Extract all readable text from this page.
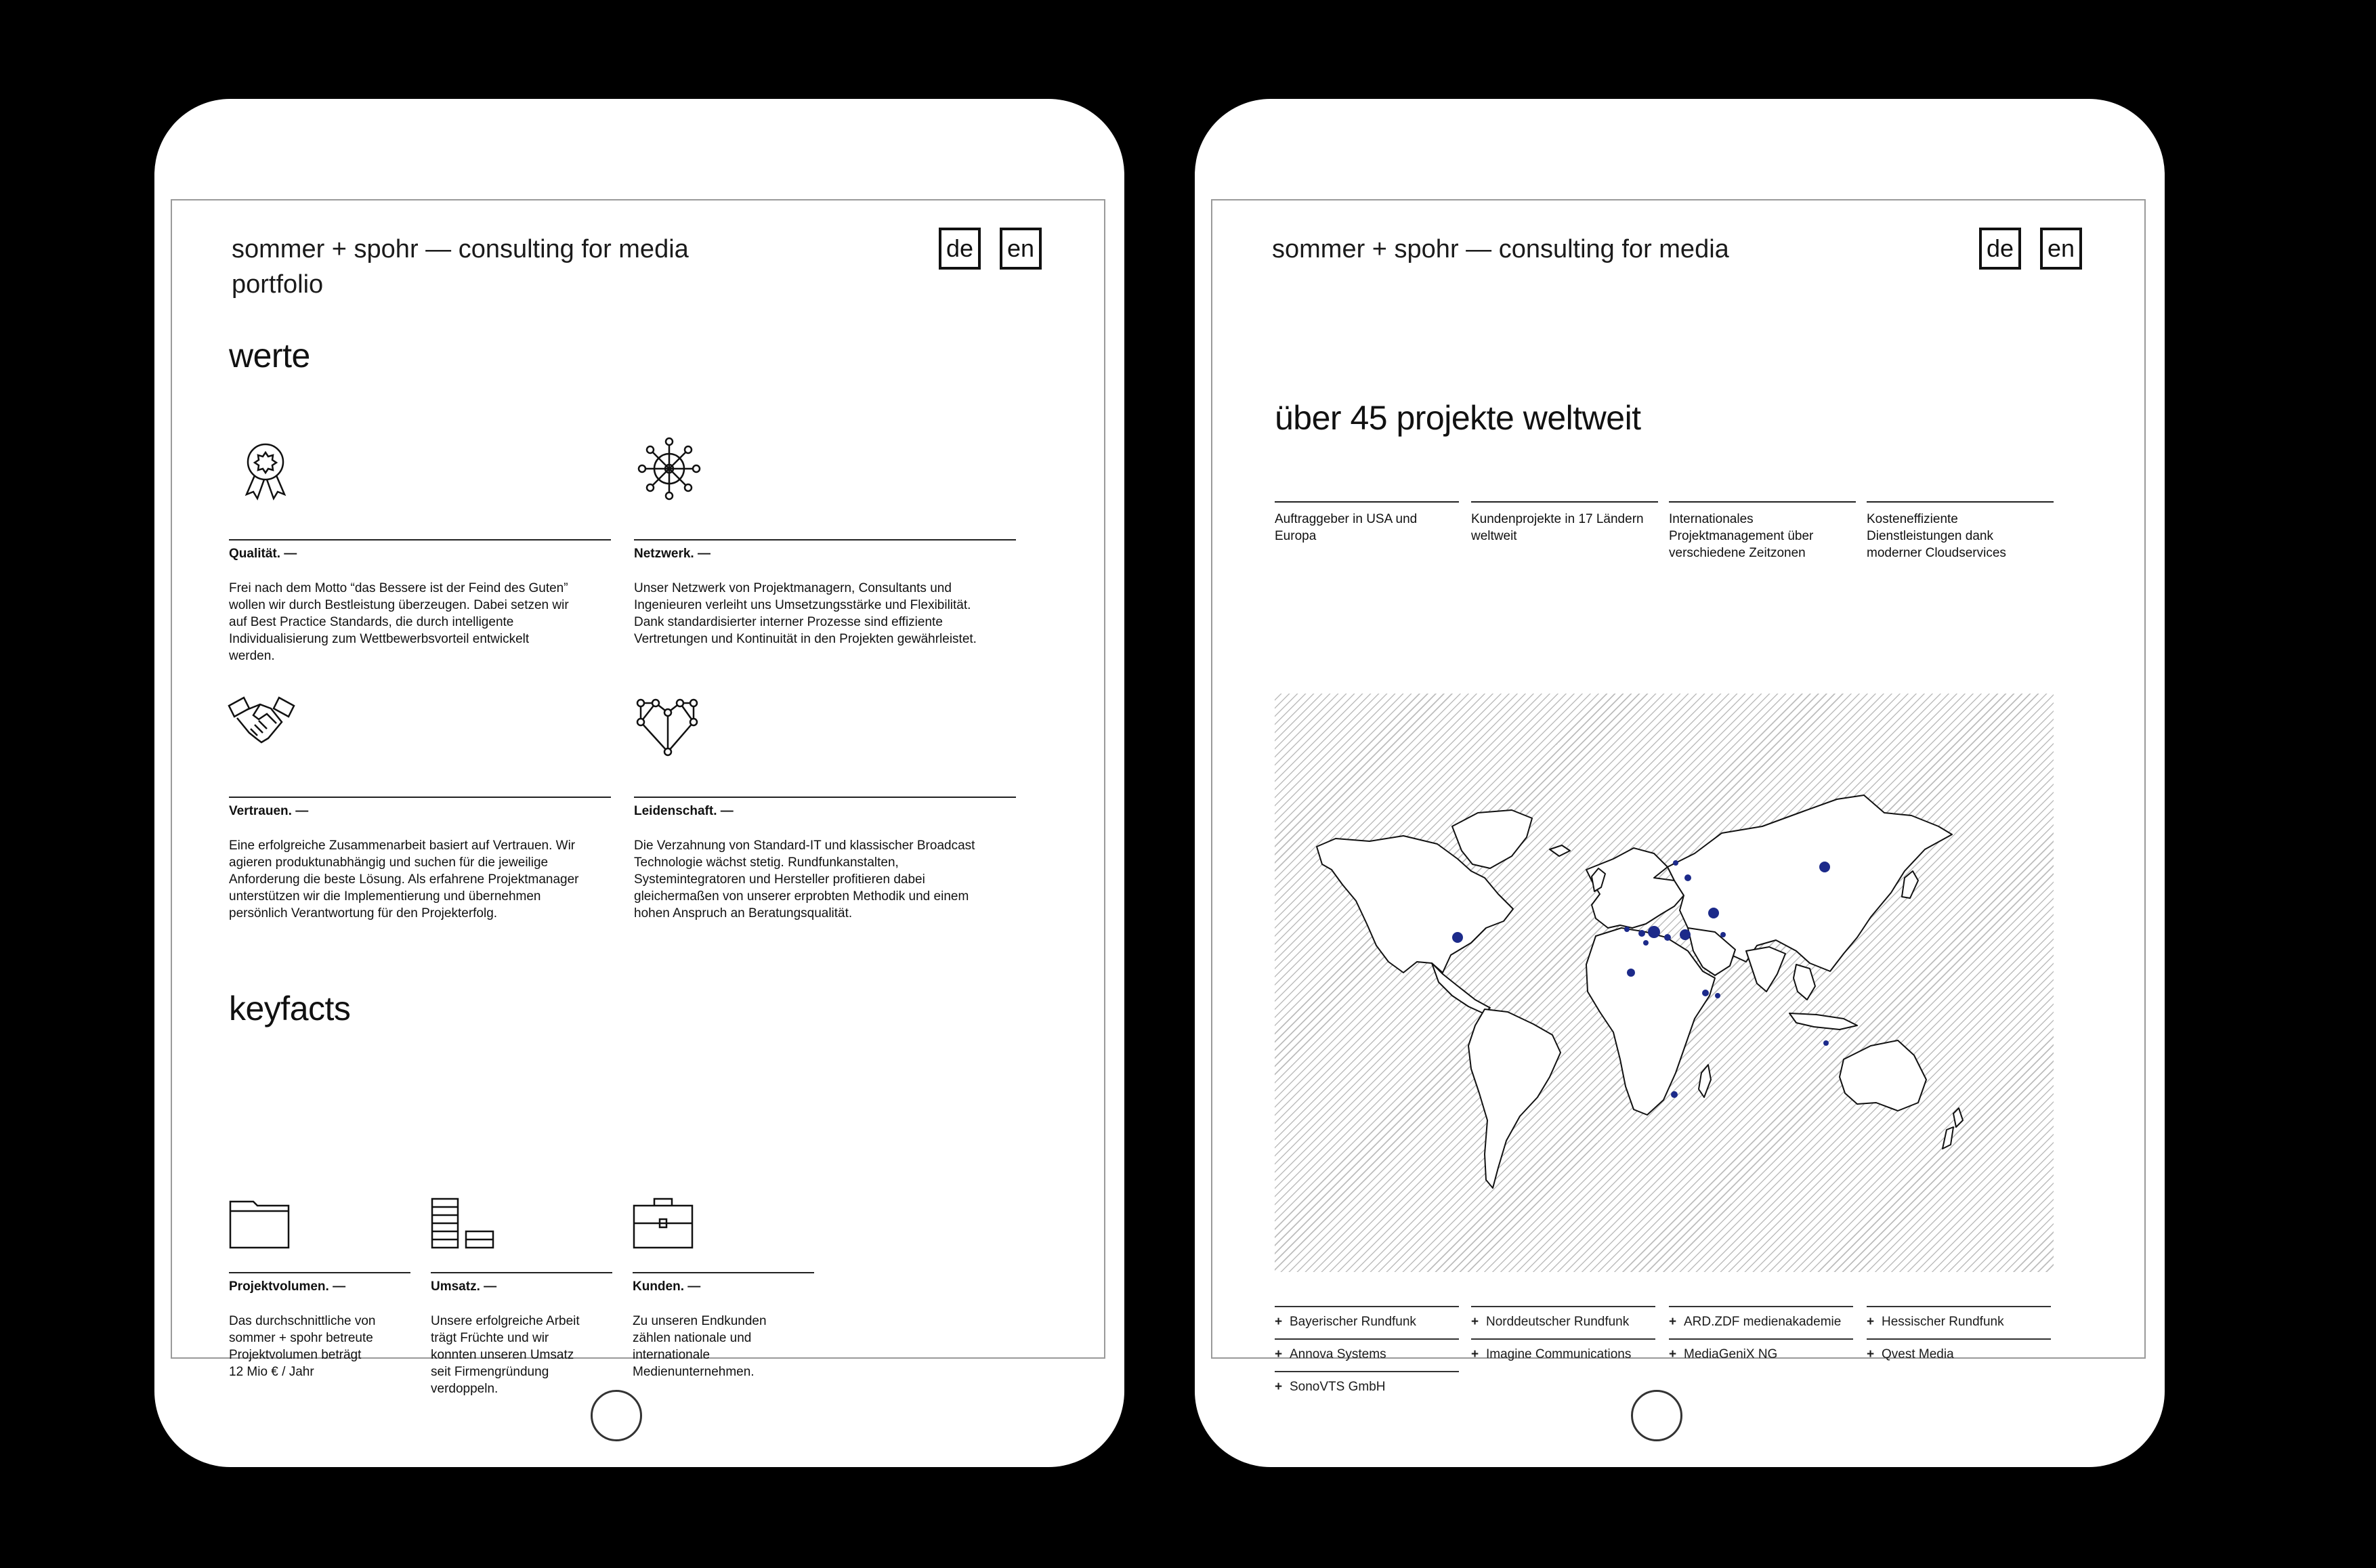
sommer + spohr — consulting for media
portfolio
de	en
werte
Qualität. —
Frei nach dem Motto “das Bessere ist der Feind des Guten”
wollen wir durch Bestleistung überzeugen. Dabei setzen wir
auf Best Practice Standards, die durch intelligente
Individualisierung zum Wettbewerbsvorteil entwickelt
werden.
Netzwerk. —
Unser Netzwerk von Projektmanagern, Consultants und
Ingenieuren verleiht uns Umsetzungsstärke und Flexibilität.
Dank standardisierter interner Prozesse sind effiziente
Vertretungen und Kontinuität in den Projekten gewährleistet.
Vertrauen. —
Eine erfolgreiche Zusammenarbeit basiert auf Vertrauen. Wir
agieren produktunabhängig und suchen für die jeweilige
Anforderung die beste Lösung. Als erfahrene Projektmanager
unterstützen wir die Implementierung und übernehmen
persönlich Verantwortung für den Projekterfolg.
Leidenschaft. —
Die Verzahnung von Standard-IT und klassischer Broadcast
Technologie wächst stetig. Rundfunkanstalten,
Systemintegratoren und Hersteller profitieren dabei
gleichermaßen von unserer erprobten Methodik und einem
hohen Anspruch an Beratungsqualität.
keyfacts
Projektvolumen. —
Das durchschnittliche von
sommer + spohr betreute
Projektvolumen beträgt
12 Mio € / Jahr
Umsatz. —
Unsere erfolgreiche Arbeit
trägt Früchte und wir
konnten unseren Umsatz
seit Firmengründung
verdoppeln.
Kunden. —
Zu unseren Endkunden
zählen nationale und
internationale
Medienunternehmen.
sommer + spohr — consulting for media	de	en
über 45 projekte weltweit
Auftraggeber in USA und
Europa
Kundenprojekte in 17 Ländern
weltweit
Internationales
Projektmanagement über
verschiedene Zeitzonen
Kosteneffiziente
Dienstleistungen dank
moderner Cloudservices
+ Bayerischer Rundfunk	+ Norddeutscher Rundfunk	+ ARD.ZDF medienakademie	+ Hessischer Rundfunk
+ Annova Systems	+ Imagine Communications	+ MediaGeniX NG	+ Qvest Media
+ SonoVTS GmbH
